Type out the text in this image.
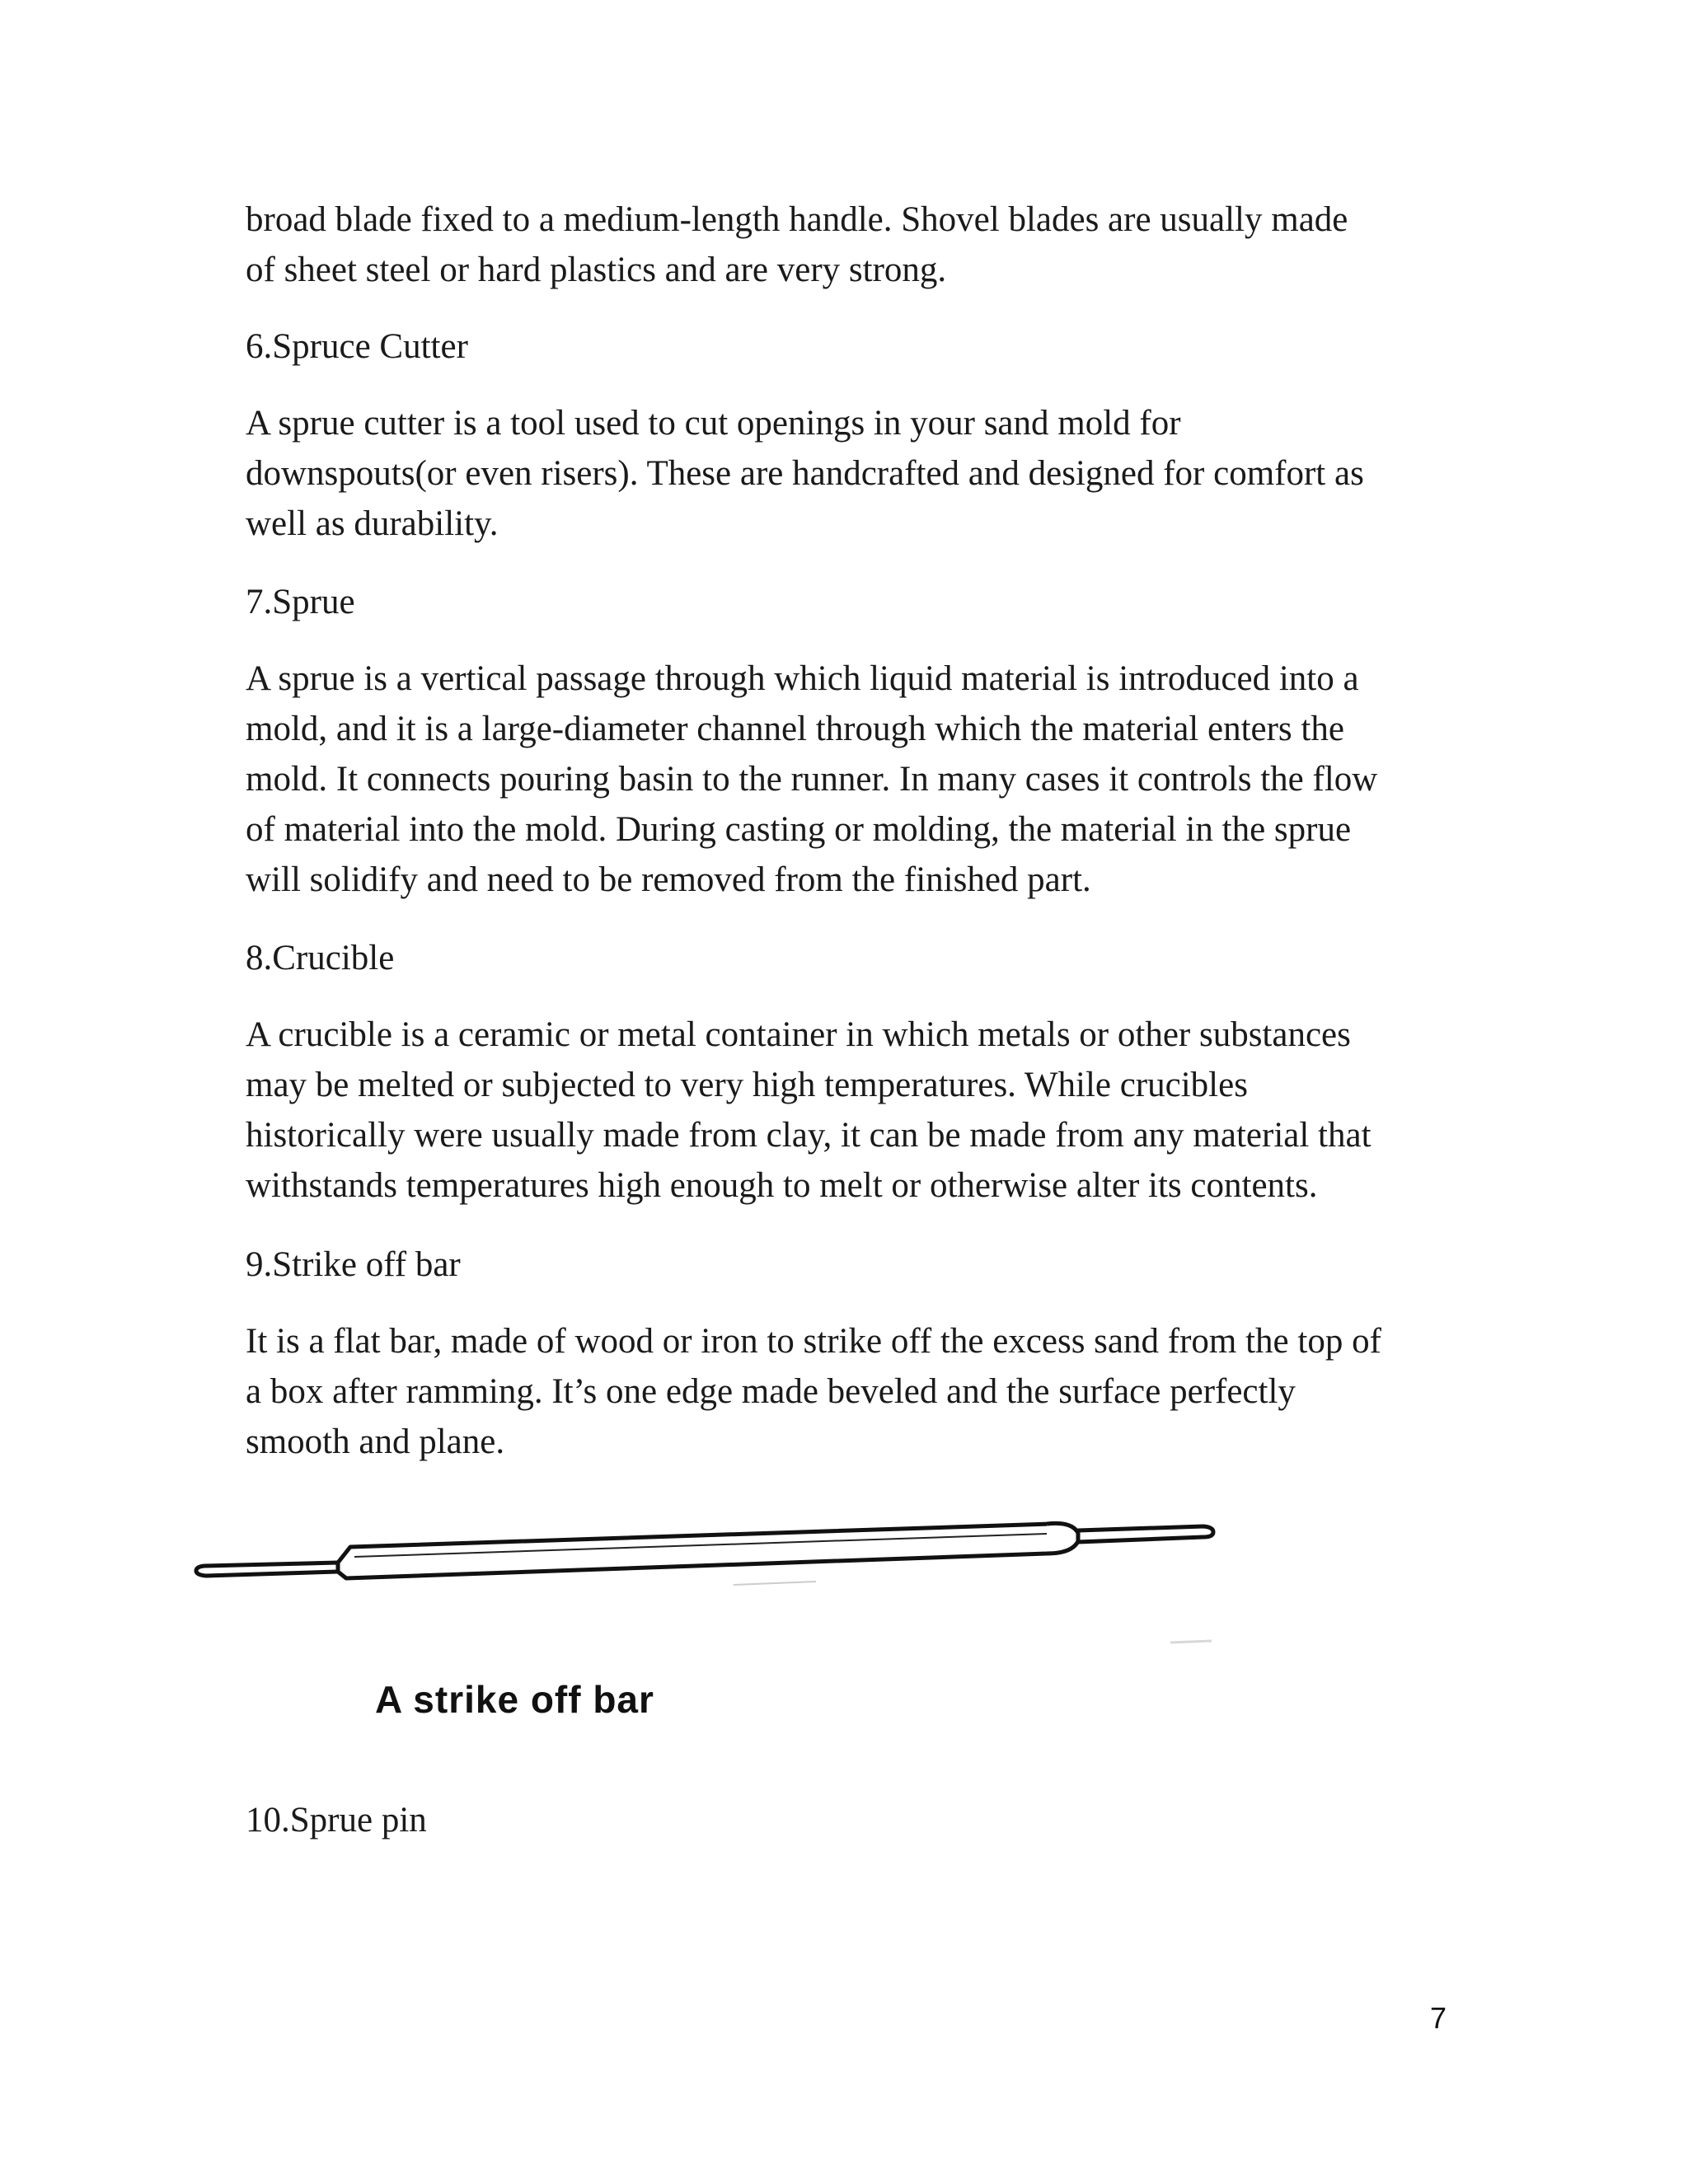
broad blade fixed to a medium-length handle. Shovel blades are usually made
of sheet steel or hard plastics and are very strong.
6.Spruce Cutter
A sprue cutter is a tool used to cut openings in your sand mold for
downspouts(or even risers). These are handcrafted and designed for comfort as
well as durability.
7.Sprue
A sprue is a vertical passage through which liquid material is introduced into a
mold, and it is a large-diameter channel through which the material enters the
mold. It connects pouring basin to the runner. In many cases it controls the flow
of material into the mold. During casting or molding, the material in the sprue
will solidify and need to be removed from the finished part.
8.Crucible
A crucible is a ceramic or metal container in which metals or other substances
may be melted or subjected to very high temperatures. While crucibles
historically were usually made from clay, it can be made from any material that
withstands temperatures high enough to melt or otherwise alter its contents.
9.Strike off bar
It is a flat bar, made of wood or iron to strike off the excess sand from the top of
a box after ramming. It’s one edge made beveled and the surface perfectly
smooth and plane.
A strike off bar
10.Sprue pin
7
